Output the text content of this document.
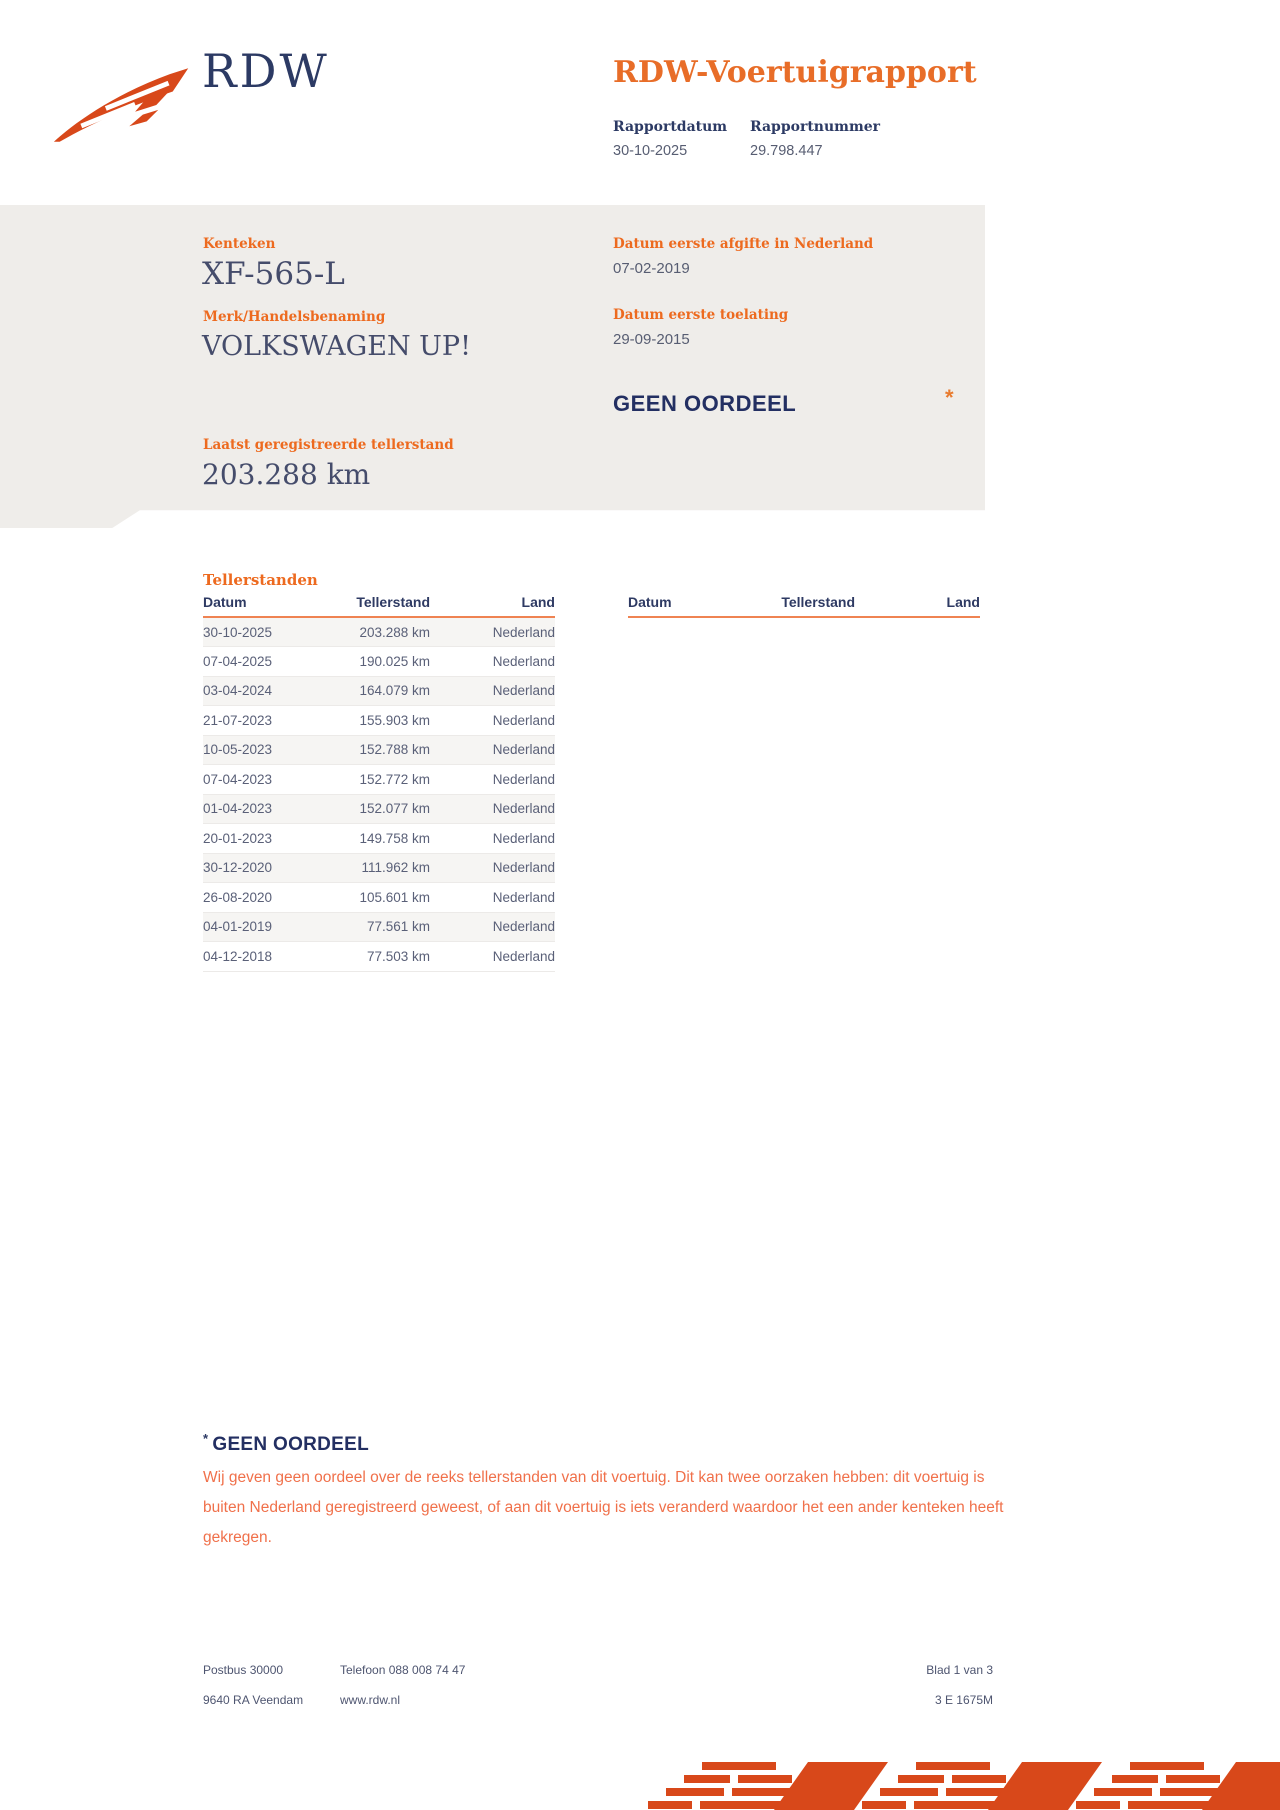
RDW	RDW-Voertuigrapport
Rapportdatum Rapportnummer
30-10-2025	29.798.447
Kenteken
XF-565-L
Merk/Handelsbenaming
VOLKSWAGEN UP!
Datum eerste afgifte in Nederland
07-02-2019
Datum eerste toelating
29-09-2015
GEEN OORDEEL	*
Laatst geregistreerde tellerstand
203.288 km
Tellerstanden
Datum	Tellerstand	Land
30-10-2025	203.288 km	Nederland
07-04-2025	190.025 km	Nederland
03-04-2024	164.079 km	Nederland
21-07-2023	155.903 km	Nederland
10-05-2023	152.788 km	Nederland
07-04-2023	152.772 km	Nederland
01-04-2023	152.077 km	Nederland
20-01-2023	149.758 km	Nederland
30-12-2020	111.962 km	Nederland
26-08-2020	105.601 km	Nederland
04-01-2019	77.561 km	Nederland
04-12-2018	77.503 km	Nederland
Datum	Tellerstand	Land
* GEEN OORDEEL
Wij geven geen oordeel over de reeks tellerstanden van dit voertuig. Dit kan twee oorzaken hebben: dit voertuig is buiten Nederland geregistreerd geweest, of aan dit voertuig is iets veranderd waardoor het een ander kenteken heeft gekregen.
Postbus 30000
9640 RA Veendam
Telefoon 088 008 74 47
www.rdw.nl
Blad 1 van 3
3 E 1675M
